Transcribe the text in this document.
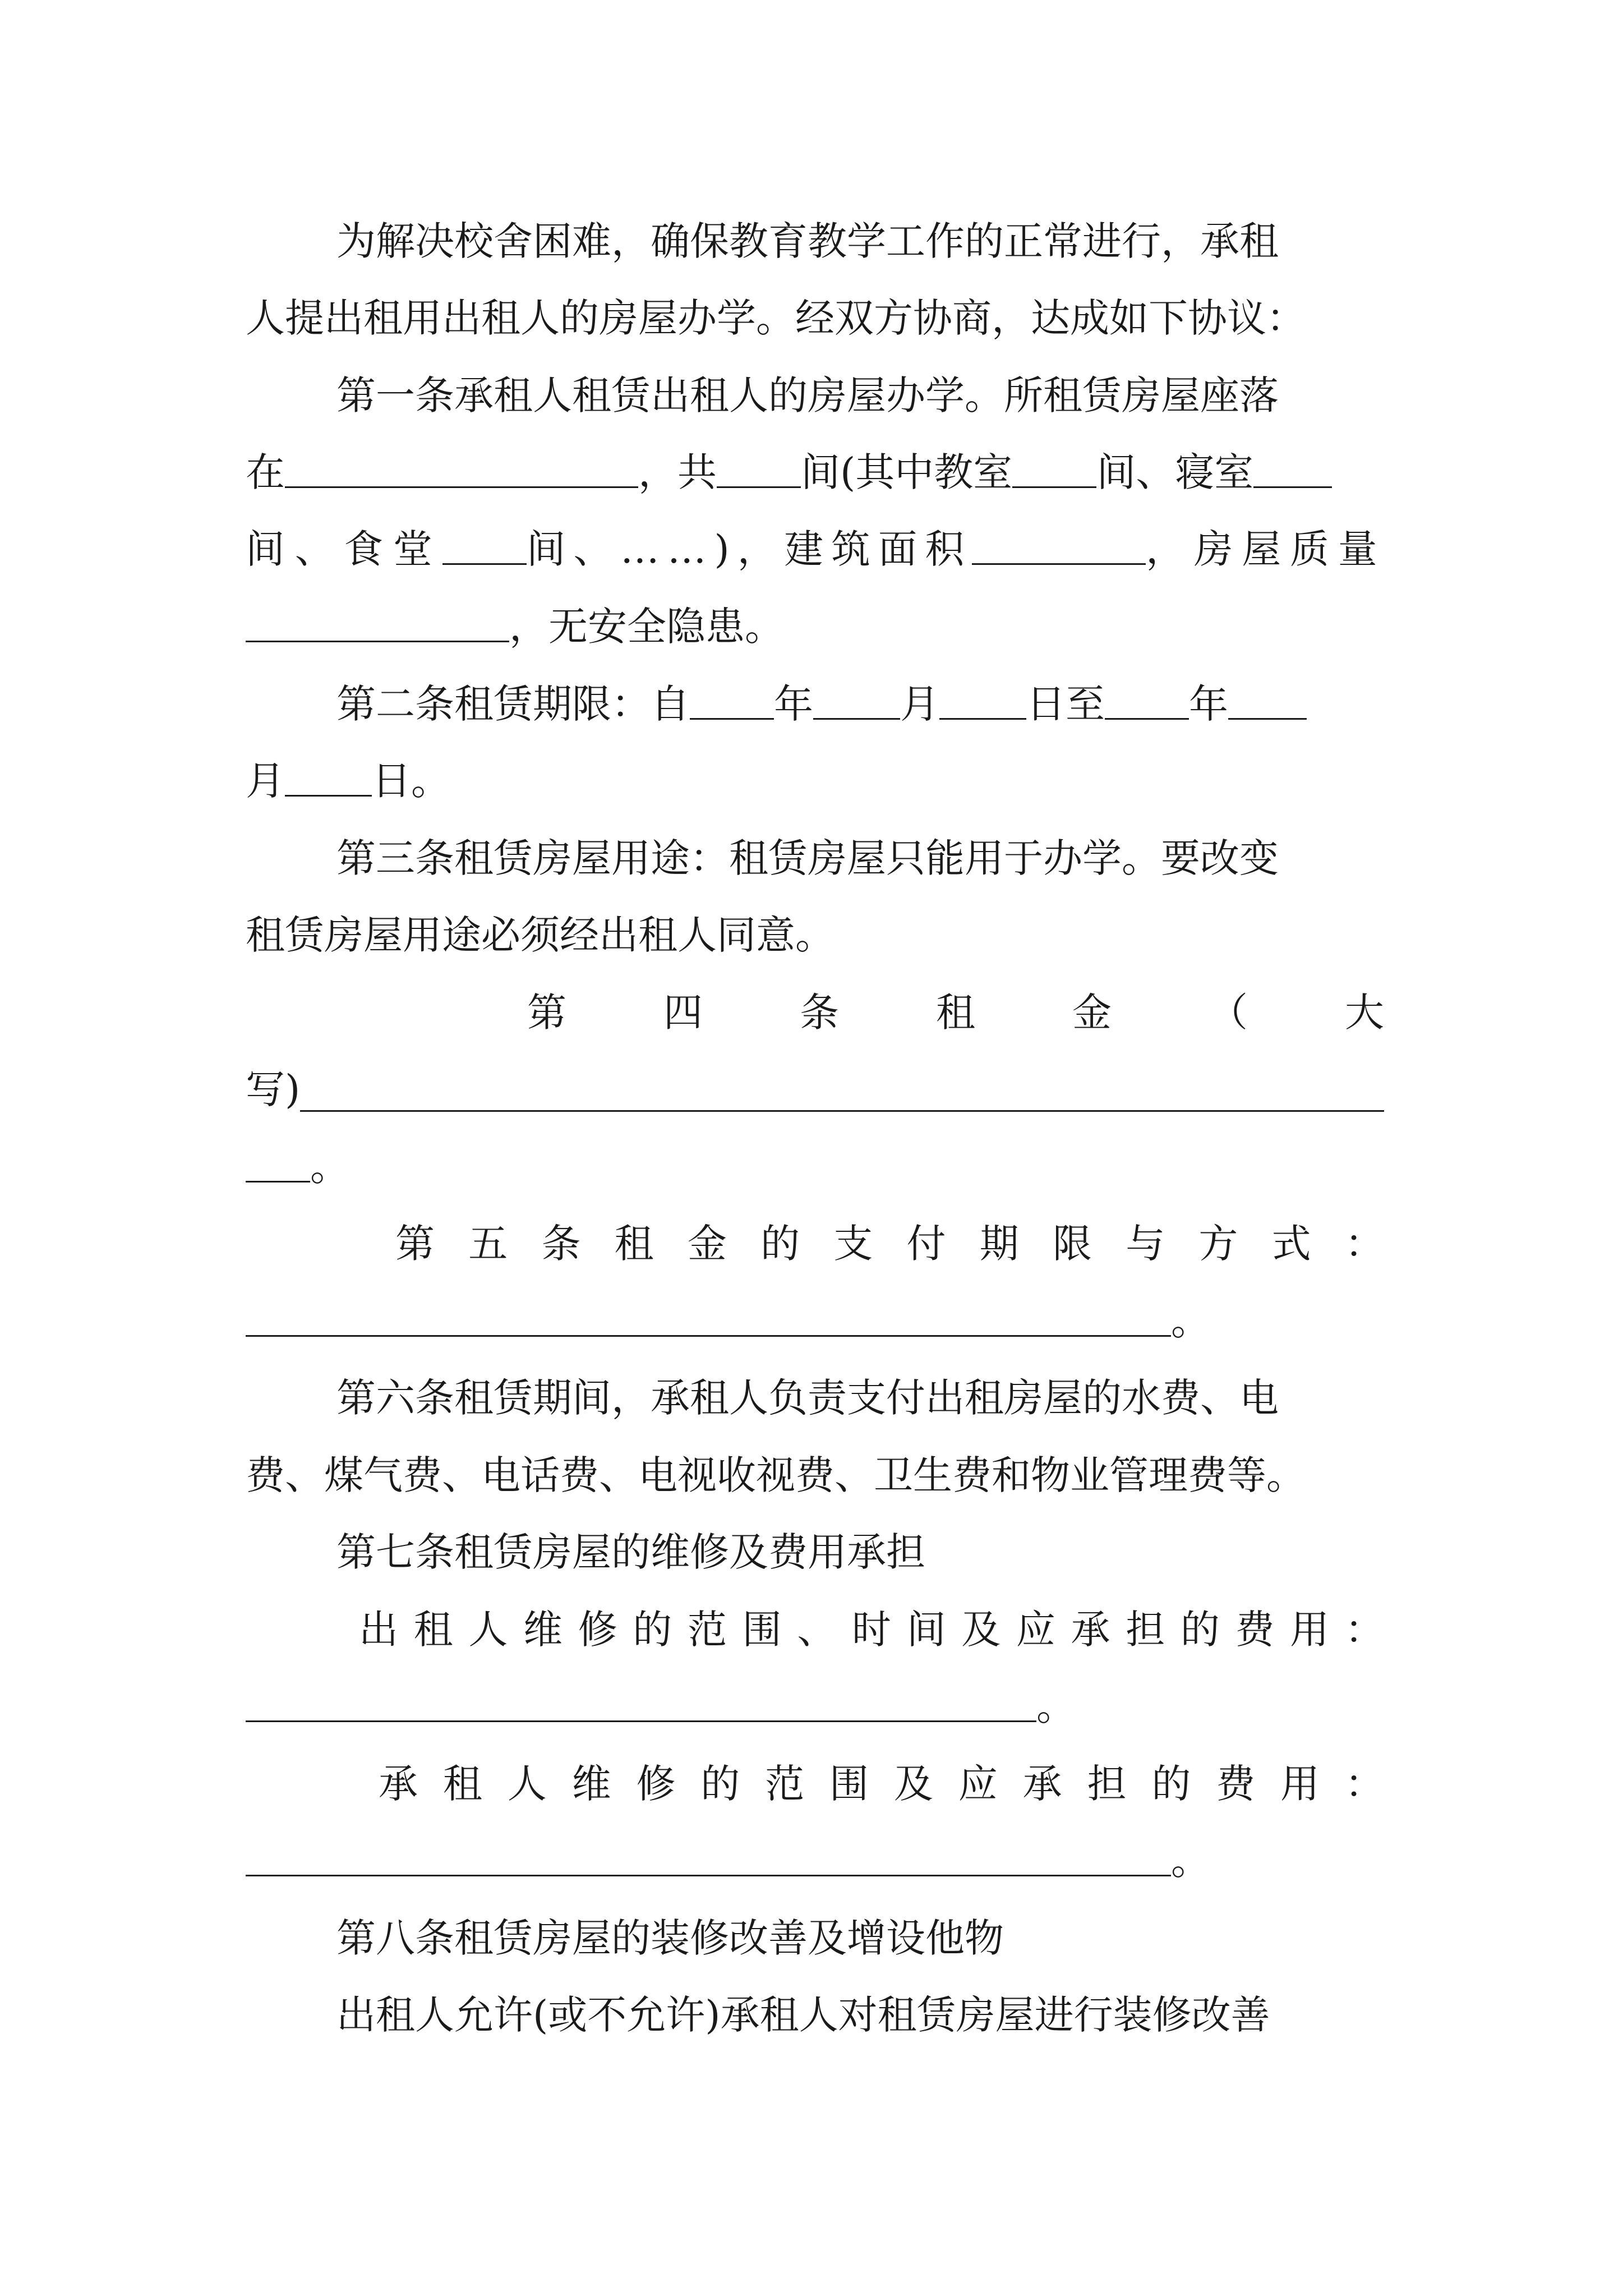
为解决校舍困难，确保教育教学工作的正常进行，承租
人提出租用出租人的房屋办学。经双方协商，达成如下协议：
第一条承租人租赁出租人的房屋办学。所租赁房屋座落
在	，共 间(其中教室 间、寝室
间、食堂 间、……)，建筑面积	，房屋质量
，无安全隐患。
第二条租赁期限：自 年 月 日至 年
月 日。
第三条租赁房屋用途：租赁房屋只能用于办学。要改变
租赁房屋用途必须经出租人同意。
第 四 条 租 金 （ 大
写)
。
第 五 条 租 金 的 支 付 期 限 与 方 式 ：
。
第六条租赁期间，承租人负责支付出租房屋的水费、电
费、煤气费、电话费、电视收视费、卫生费和物业管理费等。
第七条租赁房屋的维修及费用承担
出 租 人 维 修 的 范 围 、 时 间 及 应 承 担 的 费 用 ：
。
承 租 人 维 修 的 范 围 及 应 承 担 的 费 用 ：
。
第八条租赁房屋的装修改善及增设他物
出租人允许(或不允许)承租人对租赁房屋进行装修改善
